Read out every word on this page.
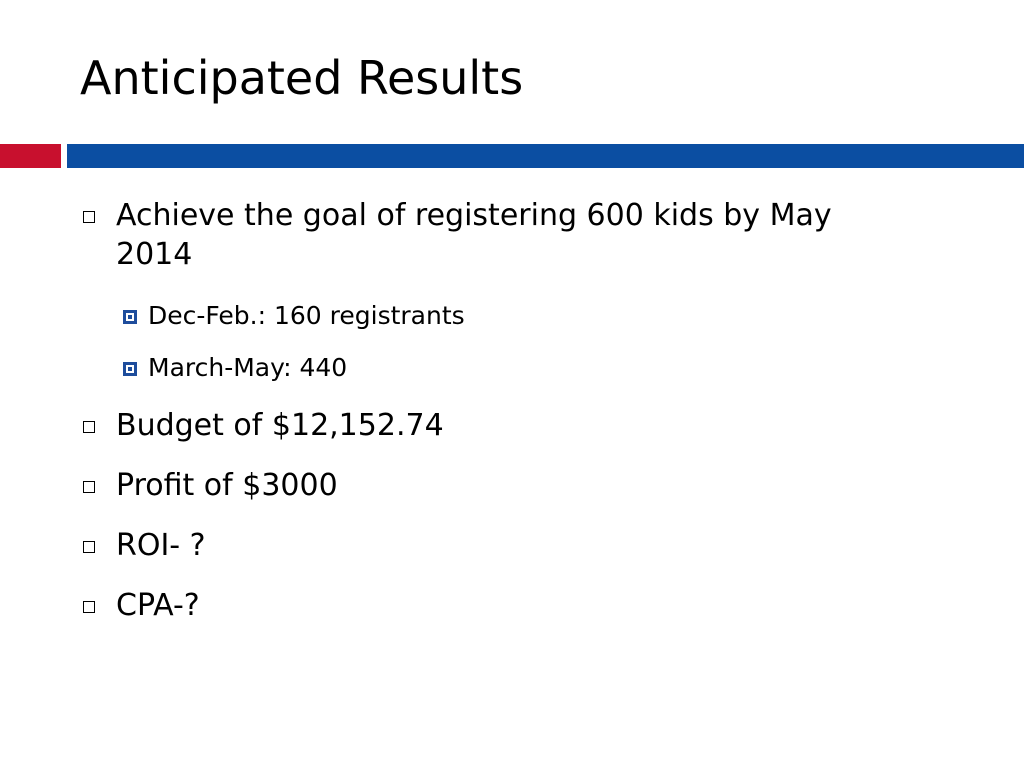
Anticipated Results
Achieve the goal of registering 600 kids by May 2014
Dec-Feb.: 160 registrants
March-May: 440
Budget of $12,152.74
Profit of $3000
ROI- ?
CPA-?
